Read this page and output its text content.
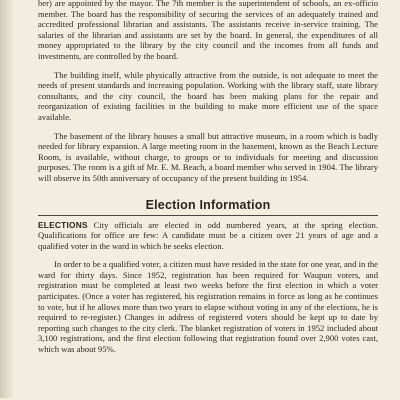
ber) are appointed by the mayor. The 7th member is the superintendent of schools, an ex-officio member. The board has the responsibility of securing the services of an adequately trained and accredited professional librarian and assistants. The assistants receive in-service training. The salaries of the librarian and assistants are set by the board. In general, the expenditures of all money appropriated to the library by the city council and the incomes from all funds and investments, are controlled by the board.

The building itself, while physically attractive from the outside, is not adequate to meet the needs of present standards and increasing population. Working with the library staff, state library consultants, and the city council, the board has been making plans for the repair and reorganization of existing facilities in the building to make more efficient use of the space available.

The basement of the library houses a small but attractive museum, in a room which is badly needed for library expansion. A large meeting room in the basement, known as the Beach Lecture Room, is available, without charge, to groups or to individuals for meeting and discussion purposes. The room is a gift of Mr. E. M. Beach, a board member who served in 1904. The library will observe its 50th anniversary of occupancy of the present building in 1954.

Election Information

ELECTIONS City officials are elected in odd numbered years, at the spring election. Qualifications for office are few: A candidate must be a citizen over 21 years of age and a qualified voter in the ward in which he seeks election.

In order to be a qualified voter, a citizen must have resided in the state for one year, and in the ward for thirty days. Since 1952, registration has been required for Waupun voters, and registration must be completed at least two weeks before the first election in which a voter participates. (Once a voter has registered, his registration remains in force as long as he continues to vote, but if he allows more than two years to elapse without voting in any of the elections, he is required to re-register.) Changes in address of registered voters should be kept up to date by reporting such changes to the city clerk. The blanket registration of voters in 1952 included about 3,100 registrations, and the first election following that registration found over 2,900 votes cast, which was about 95%.
